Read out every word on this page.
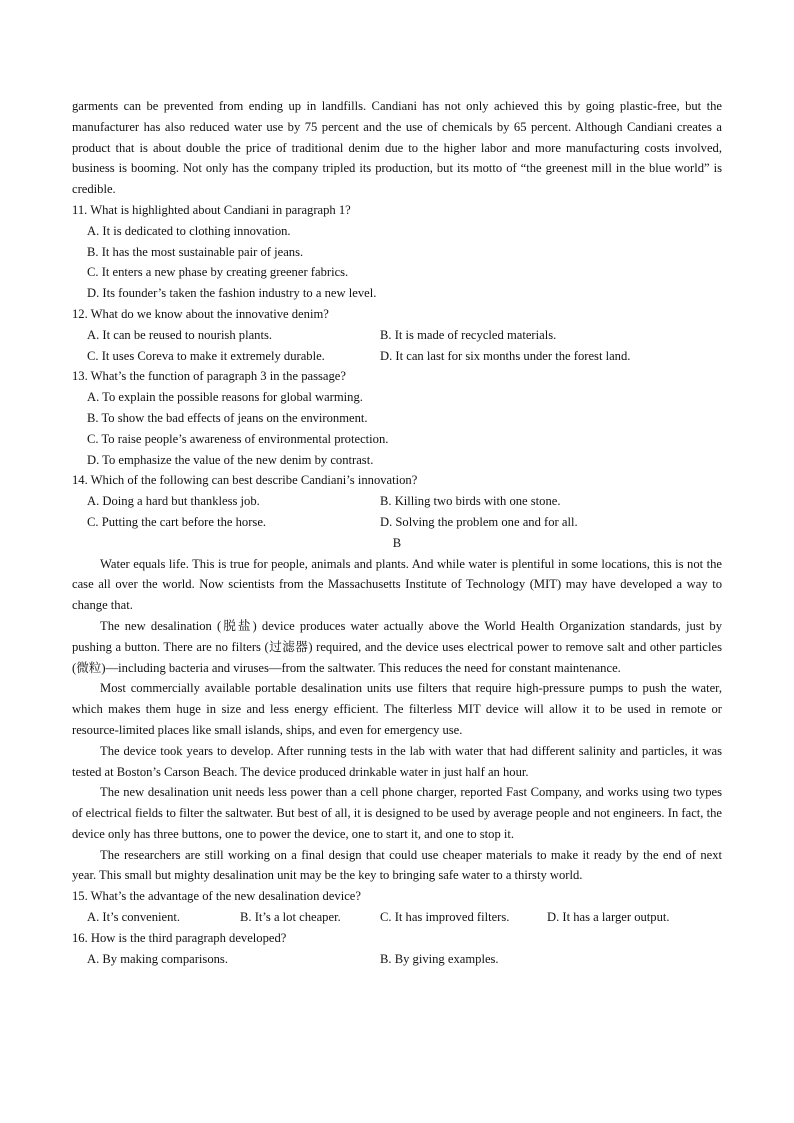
garments can be prevented from ending up in landfills. Candiani has not only achieved this by going plastic-free, but the manufacturer has also reduced water use by 75 percent and the use of chemicals by 65 percent. Although Candiani creates a product that is about double the price of traditional denim due to the higher labor and more manufacturing costs involved, business is booming. Not only has the company tripled its production, but its motto of “the greenest mill in the blue world” is credible.

11. What is highlighted about Candiani in paragraph 1?

A. It is dedicated to clothing innovation.

B. It has the most sustainable pair of jeans.

C. It enters a new phase by creating greener fabrics.

D. Its founder’s taken the fashion industry to a new level.

12. What do we know about the innovative denim?

A. It can be reused to nourish plants.	B. It is made of recycled materials.
C. It uses Coreva to make it extremely durable.	D. It can last for six months under the forest land.

13. What’s the function of paragraph 3 in the passage?

A. To explain the possible reasons for global warming.

B. To show the bad effects of jeans on the environment.

C. To raise people’s awareness of environmental protection.

D. To emphasize the value of the new denim by contrast.

14. Which of the following can best describe Candiani’s innovation?

A. Doing a hard but thankless job.	B. Killing two birds with one stone.
C. Putting the cart before the horse.	D. Solving the problem one and for all.

B

Water equals life. This is true for people, animals and plants. And while water is plentiful in some locations, this is not the case all over the world. Now scientists from the Massachusetts Institute of Technology (MIT) may have developed a way to change that.

The new desalination (脱盐) device produces water actually above the World Health Organization standards, just by pushing a button. There are no filters (过滤器) required, and the device uses electrical power to remove salt and other particles (微粒)—including bacteria and viruses—from the saltwater. This reduces the need for constant maintenance.

Most commercially available portable desalination units use filters that require high-pressure pumps to push the water, which makes them huge in size and less energy efficient. The filterless MIT device will allow it to be used in remote or resource-limited places like small islands, ships, and even for emergency use.

The device took years to develop. After running tests in the lab with water that had different salinity and particles, it was tested at Boston’s Carson Beach. The device produced drinkable water in just half an hour.

The new desalination unit needs less power than a cell phone charger, reported Fast Company, and works using two types of electrical fields to filter the saltwater. But best of all, it is designed to be used by average people and not engineers. In fact, the device only has three buttons, one to power the device, one to start it, and one to stop it.

The researchers are still working on a final design that could use cheaper materials to make it ready by the end of next year. This small but mighty desalination unit may be the key to bringing safe water to a thirsty world.

15. What’s the advantage of the new desalination device?

A. It’s convenient.	B. It’s a lot cheaper.	C. It has improved filters.	D. It has a larger output.

16. How is the third paragraph developed?

A. By making comparisons.	B. By giving examples.
